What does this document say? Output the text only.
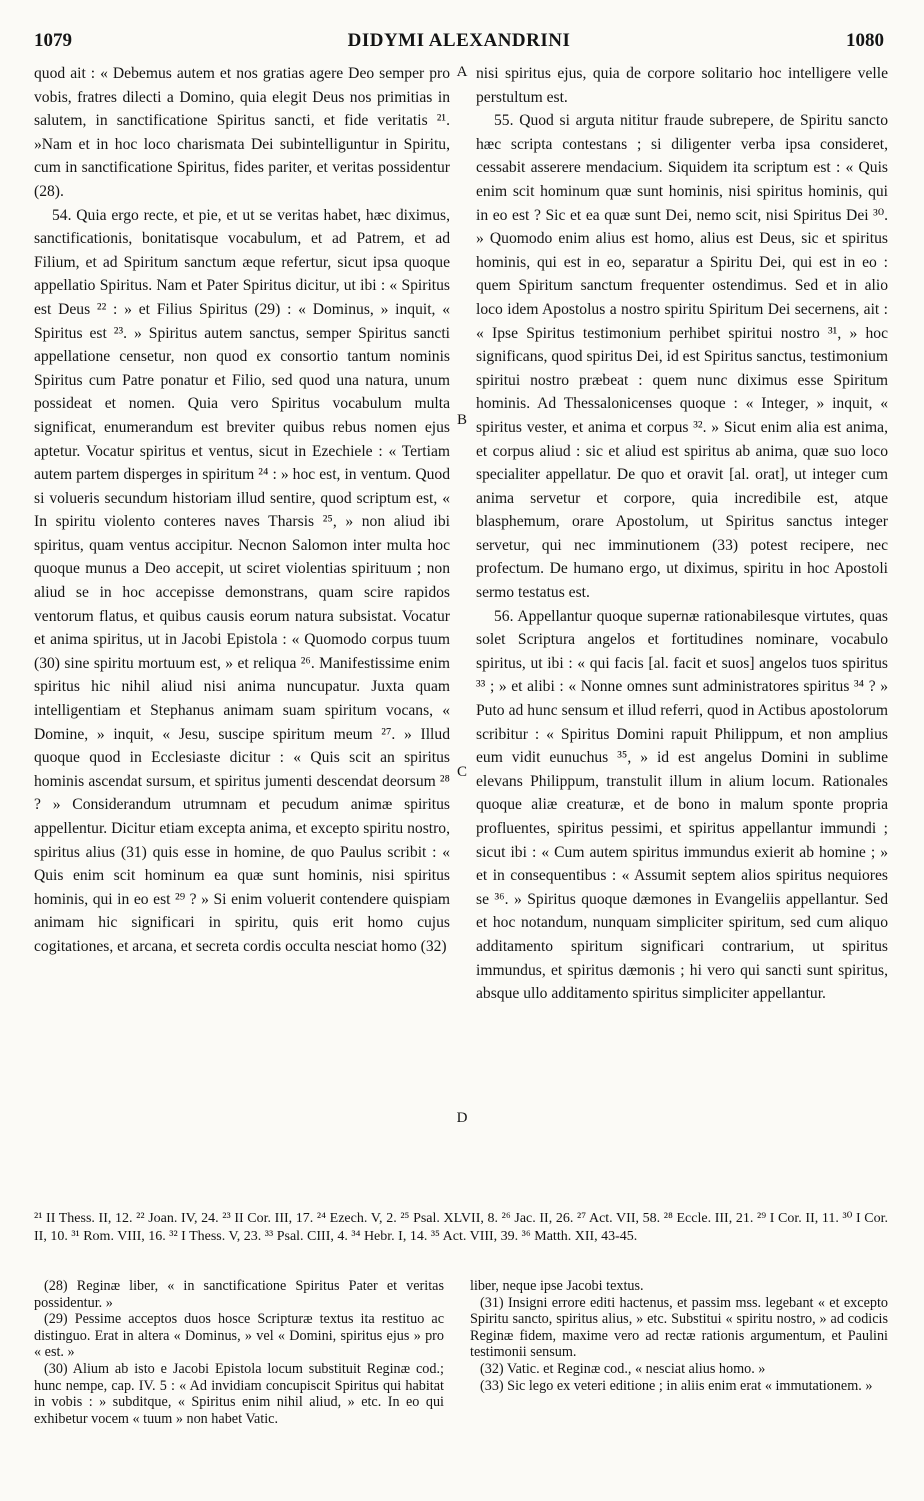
1079	DIDYMI ALEXANDRINI	1080

quod ait : « Debemus autem et nos gratias agere Deo semper pro vobis, fratres dilecti a Domino, quia elegit Deus nos primitias in salutem, in sanctificatione Spiritus sancti, et fide veritatis ²¹. »Nam et in hoc loco charismata Dei subintelliguntur in Spiritu, cum in sanctificatione Spiritus, fides pariter, et veritas possidentur (28).

54. Quia ergo recte, et pie, et ut se veritas habet, hæc diximus, sanctificationis, bonitatisque vocabulum, et ad Patrem, et ad Filium, et ad Spiritum sanctum æque refertur, sicut ipsa quoque appellatio Spiritus. Nam et Pater Spiritus dicitur, ut ibi : « Spiritus est Deus ²² : » et Filius Spiritus (29) : « Dominus, » inquit, « Spiritus est ²³. » Spiritus autem sanctus, semper Spiritus sancti appellatione censetur, non quod ex consortio tantum nominis Spiritus cum Patre ponatur et Filio, sed quod una natura, unum possideat et nomen. Quia vero Spiritus vocabulum multa significat, enumerandum est breviter quibus rebus nomen ejus aptetur. Vocatur spiritus et ventus, sicut in Ezechiele : « Tertiam autem partem disperges in spiritum ²⁴ : » hoc est, in ventum. Quod si volueris secundum historiam illud sentire, quod scriptum est, « In spiritu violento conteres naves Tharsis ²⁵, » non aliud ibi spiritus, quam ventus accipitur. Necnon Salomon inter multa hoc quoque munus a Deo accepit, ut sciret violentias spirituum ; non aliud se in hoc accepisse demonstrans, quam scire rapidos ventorum flatus, et quibus causis eorum natura subsistat. Vocatur et anima spiritus, ut in Jacobi Epistola : « Quomodo corpus tuum (30) sine spiritu mortuum est, » et reliqua ²⁶. Manifestissime enim spiritus hic nihil aliud nisi anima nuncupatur. Juxta quam intelligentiam et Stephanus animam suam spiritum vocans, « Domine, » inquit, « Jesu, suscipe spiritum meum ²⁷. » Illud quoque quod in Ecclesiaste dicitur : « Quis scit an spiritus hominis ascendat sursum, et spiritus jumenti descendat deorsum ²⁸ ? » Considerandum utrumnam et pecudum animæ spiritus appellentur. Dicitur etiam excepta anima, et excepto spiritu nostro, spiritus alius (31) quis esse in homine, de quo Paulus scribit : « Quis enim scit hominum ea quæ sunt hominis, nisi spiritus hominis, qui in eo est ²⁹ ? » Si enim voluerit contendere quispiam animam hic significari in spiritu, quis erit homo cujus cogitationes, et arcana, et secreta cordis occulta nesciat homo (32)

A
B
C
D

nisi spiritus ejus, quia de corpore solitario hoc intelligere velle perstultum est.

55. Quod si arguta nititur fraude subrepere, de Spiritu sancto hæc scripta contestans ; si diligenter verba ipsa consideret, cessabit asserere mendacium. Siquidem ita scriptum est : « Quis enim scit hominum quæ sunt hominis, nisi spiritus hominis, qui in eo est ? Sic et ea quæ sunt Dei, nemo scit, nisi Spiritus Dei ³⁰. » Quomodo enim alius est homo, alius est Deus, sic et spiritus hominis, qui est in eo, separatur a Spiritu Dei, qui est in eo : quem Spiritum sanctum frequenter ostendimus. Sed et in alio loco idem Apostolus a nostro spiritu Spiritum Dei secernens, ait : « Ipse Spiritus testimonium perhibet spiritui nostro ³¹, » hoc significans, quod spiritus Dei, id est Spiritus sanctus, testimonium spiritui nostro præbeat : quem nunc diximus esse Spiritum hominis. Ad Thessalonicenses quoque : « Integer, » inquit, « spiritus vester, et anima et corpus ³². » Sicut enim alia est anima, et corpus aliud : sic et aliud est spiritus ab anima, quæ suo loco specialiter appellatur. De quo et oravit [al. orat], ut integer cum anima servetur et corpore, quia incredibile est, atque blasphemum, orare Apostolum, ut Spiritus sanctus integer servetur, qui nec imminutionem (33) potest recipere, nec profectum. De humano ergo, ut diximus, spiritu in hoc Apostoli sermo testatus est.

56. Appellantur quoque supernæ rationabilesque virtutes, quas solet Scriptura angelos et fortitudines nominare, vocabulo spiritus, ut ibi : « qui facis [al. facit et suos] angelos tuos spiritus ³³ ; » et alibi : « Nonne omnes sunt administratores spiritus ³⁴ ? » Puto ad hunc sensum et illud referri, quod in Actibus apostolorum scribitur : « Spiritus Domini rapuit Philippum, et non amplius eum vidit eunuchus ³⁵, » id est angelus Domini in sublime elevans Philippum, transtulit illum in alium locum. Rationales quoque aliæ creaturæ, et de bono in malum sponte propria profluentes, spiritus pessimi, et spiritus appellantur immundi ; sicut ibi : « Cum autem spiritus immundus exierit ab homine ; » et in consequentibus : « Assumit septem alios spiritus nequiores se ³⁶. » Spiritus quoque dæmones in Evangeliis appellantur. Sed et hoc notandum, nunquam simpliciter spiritum, sed cum aliquo additamento spiritum significari contrarium, ut spiritus immundus, et spiritus dæmonis ; hi vero qui sancti sunt spiritus, absque ullo additamento spiritus simpliciter appellantur.

²¹ II Thess. II, 12. ²² Joan. IV, 24. ²³ II Cor. III, 17. ²⁴ Ezech. V, 2. ²⁵ Psal. XLVII, 8. ²⁶ Jac. II, 26. ²⁷ Act. VII, 58. ²⁸ Eccle. III, 21. ²⁹ I Cor. II, 11. ³⁰ I Cor. II, 10. ³¹ Rom. VIII, 16. ³² I Thess. V, 23. ³³ Psal. CIII, 4. ³⁴ Hebr. I, 14. ³⁵ Act. VIII, 39. ³⁶ Matth. XII, 43-45.

(28) Reginæ liber, « in sanctificatione Spiritus Pater et veritas possidentur. »

(29) Pessime acceptos duos hosce Scripturæ textus ita restituo ac distinguo. Erat in altera « Dominus, » vel « Domini, spiritus ejus » pro « est. »

(30) Alium ab isto e Jacobi Epistola locum substituit Reginæ cod.; hunc nempe, cap. IV. 5 : « Ad invidiam concupiscit Spiritus qui habitat in vobis : » subditque, « Spiritus enim nihil aliud, » etc. In eo qui exhibetur vocem « tuum » non habet Vatic.

liber, neque ipse Jacobi textus.

(31) Insigni errore editi hactenus, et passim mss. legebant « et excepto Spiritu sancto, spiritus alius, » etc. Substitui « spiritu nostro, » ad codicis Reginæ fidem, maxime vero ad rectæ rationis argumentum, et Paulini testimonii sensum.

(32) Vatic. et Reginæ cod., « nesciat alius homo. »

(33) Sic lego ex veteri editione ; in aliis enim erat « immutationem. »
